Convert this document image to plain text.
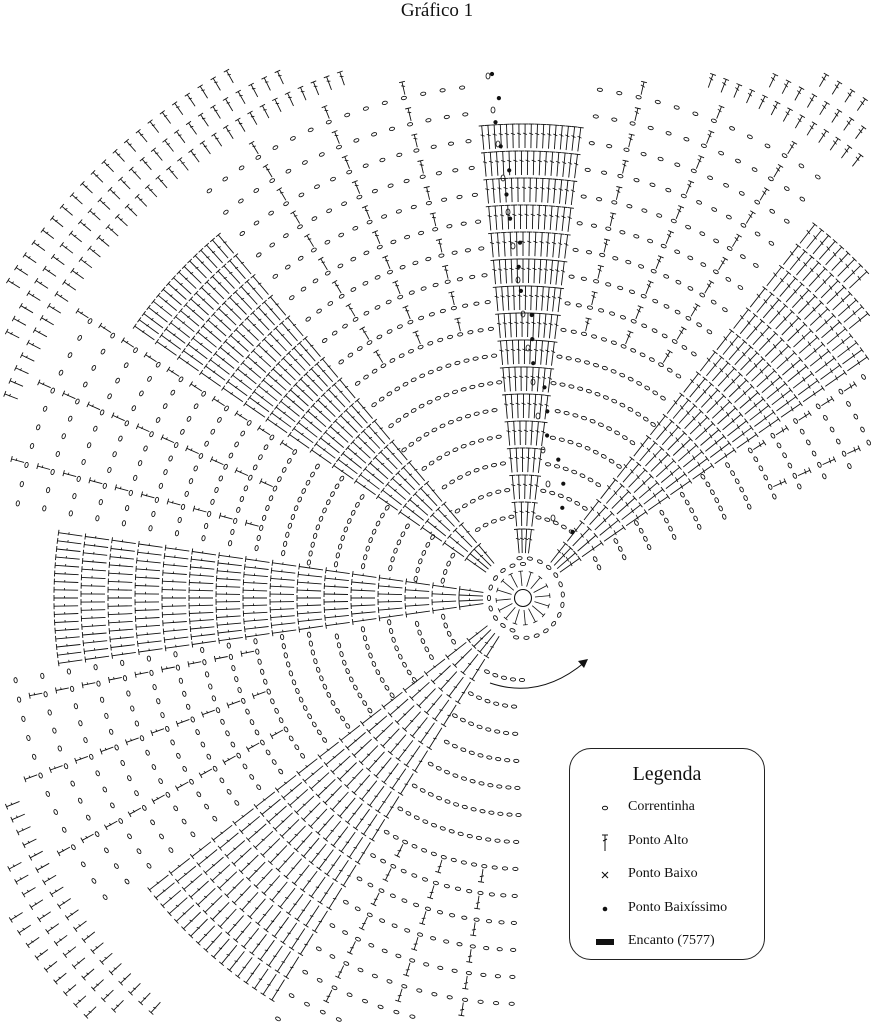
Gráfico 1
Legenda
Correntinha
Ponto Alto
Ponto Baixo
Ponto Baixíssimo
Encanto (7577)
